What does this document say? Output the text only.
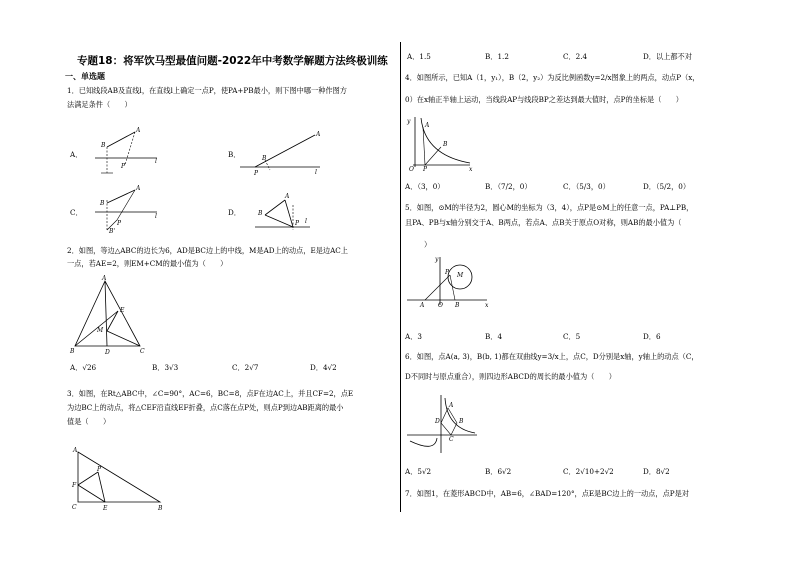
专题18：将军饮马型最值问题-2022年中考数学解题方法终极训练
一、单选题
1．已知线段AB及直线l，在直线l上确定一点P，使PA+PB最小，则下图中哪一种作图方
法满足条件（　　）
A．	B．
C．	D．
A
B
P
l
A
B
P	l
A
B
P
B'
l
A
B
P l
2．如图，等边△ABC的边长为6，AD是BC边上的中线，M是AD上的动点，E是边AC上
一点，若AE=2，则EM+CM的最小值为（　　）
A
B	C
D
E
M
A．√26	B．3√3	C．2√7	D．4√2
3．如图，在Rt△ABC中，∠C=90°，AC=6，BC=8，点F在边AC上，并且CF=2，点E
为边BC上的动点，将△CEF沿直线EF折叠，点C落在点P处，则点P到边AB距离的最小
值是（　　）
A
F
C	E	B
P
A．1.5	B．1.2	C．2.4	D．以上都不对
4．如图所示，已知A（1，y₁），B（2，y₂）为反比例函数y=2/x图象上的两点，动点P（x，
0）在x轴正半轴上运动，当线段AP与线段BP之差达到最大值时，点P的坐标是（　　）
A
B
O P
y
x
A．（3，0）	B．（7/2，0）	C．（5/3，0）	D．（5/2，0）
5．如图，⊙M的半径为2，圆心M的坐标为（3，4），点P是⊙M上的任意一点，PA⊥PB，
且PA、PB与x轴分别交于A、B两点，若点A、点B关于原点O对称，则AB的最小值为（
）
M
P
A O B
y
x
A．3	B．4	C．5	D．6
6．如图，点A(a, 3)，B(b, 1)都在双曲线y=3/x上，点C，D分别是x轴，y轴上的动点（C，
D不同时与原点重合），则四边形ABCD的周长的最小值为（　　）
A
B
C
D
A．5√2	B．6√2	C．2√10+2√2	D．8√2
7．如图1，在菱形ABCD中，AB=6，∠BAD=120°，点E是BC边上的一动点，点P是对
